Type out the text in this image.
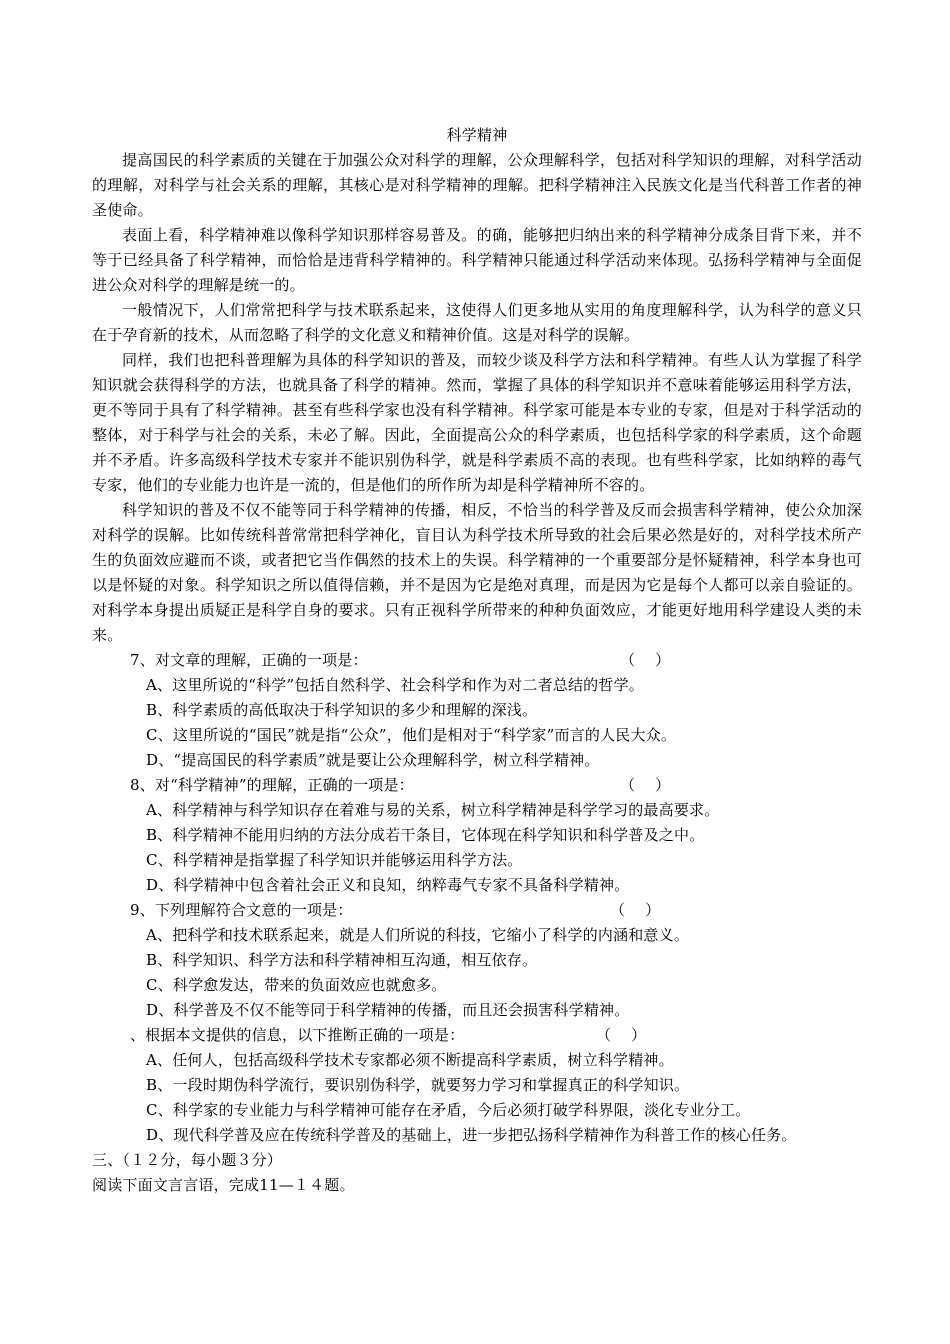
科学精神

提高国民的科学素质的关键在于加强公众对科学的理解，公众理解科学，包括对科学知识的理解，对科学活动的理解，对科学与社会关系的理解，其核心是对科学精神的理解。把科学精神注入民族文化是当代科普工作者的神圣使命。

表面上看，科学精神难以像科学知识那样容易普及。的确，能够把归纳出来的科学精神分成条目背下来，并不等于已经具备了科学精神，而恰恰是违背科学精神的。科学精神只能通过科学活动来体现。弘扬科学精神与全面促进公众对科学的理解是统一的。

一般情况下，人们常常把科学与技术联系起来，这使得人们更多地从实用的角度理解科学，认为科学的意义只在于孕育新的技术，从而忽略了科学的文化意义和精神价值。这是对科学的误解。

同样，我们也把科普理解为具体的科学知识的普及，而较少谈及科学方法和科学精神。有些人认为掌握了科学知识就会获得科学的方法，也就具备了科学的精神。然而，掌握了具体的科学知识并不意味着能够运用科学方法，更不等同于具有了科学精神。甚至有些科学家也没有科学精神。科学家可能是本专业的专家，但是对于科学活动的整体，对于科学与社会的关系，未必了解。因此，全面提高公众的科学素质，也包括科学家的科学素质，这个命题并不矛盾。许多高级科学技术专家并不能识别伪科学，就是科学素质不高的表现。也有些科学家，比如纳粹的毒气专家，他们的专业能力也许是一流的，但是他们的所作所为却是科学精神所不容的。

科学知识的普及不仅不能等同于科学精神的传播，相反，不恰当的科学普及反而会损害科学精神，使公众加深对科学的误解。比如传统科普常常把科学神化，盲目认为科学技术所导致的社会后果必然是好的，对科学技术所产生的负面效应避而不谈，或者把它当作偶然的技术上的失误。科学精神的一个重要部分是怀疑精神，科学本身也可以是怀疑的对象。科学知识之所以值得信赖，并不是因为它是绝对真理，而是因为它是每个人都可以亲自验证的。对科学本身提出质疑正是科学自身的要求。只有正视科学所带来的种种负面效应，才能更好地用科学建设人类的未来。

7、对文章的理解，正确的一项是：	（    ）

A、这里所说的“科学”包括自然科学、社会科学和作为对二者总结的哲学。

B、科学素质的高低取决于科学知识的多少和理解的深浅。

C、这里所说的“国民”就是指“公众”，他们是相对于“科学家”而言的人民大众。

D、“提高国民的科学素质”就是要让公众理解科学，树立科学精神。

8、对“科学精神”的理解，正确的一项是：	（    ）

A、科学精神与科学知识存在着难与易的关系，树立科学精神是科学学习的最高要求。

B、科学精神不能用归纳的方法分成若干条目，它体现在科学知识和科学普及之中。

C、科学精神是指掌握了科学知识并能够运用科学方法。

D、科学精神中包含着社会正义和良知，纳粹毒气专家不具备科学精神。

9、下列理解符合文意的一项是：	（    ）

A、把科学和技术联系起来，就是人们所说的科技，它缩小了科学的内涵和意义。

B、科学知识、科学方法和科学精神相互沟通，相互依存。

C、科学愈发达，带来的负面效应也就愈多。

D、科学普及不仅不能等同于科学精神的传播，而且还会损害科学精神。

、根据本文提供的信息，以下推断正确的一项是：	（    ）

A、任何人，包括高级科学技术专家都必须不断提高科学素质，树立科学精神。

B、一段时期伪科学流行，要识别伪科学，就要努力学习和掌握真正的科学知识。

C、科学家的专业能力与科学精神可能存在矛盾，今后必须打破学科界限，淡化专业分工。

D、现代科学普及应在传统科学普及的基础上，进一步把弘扬科学精神作为科普工作的核心任务。

三、（１２分，每小题３分）

阅读下面文言言语，完成11—１４题。
